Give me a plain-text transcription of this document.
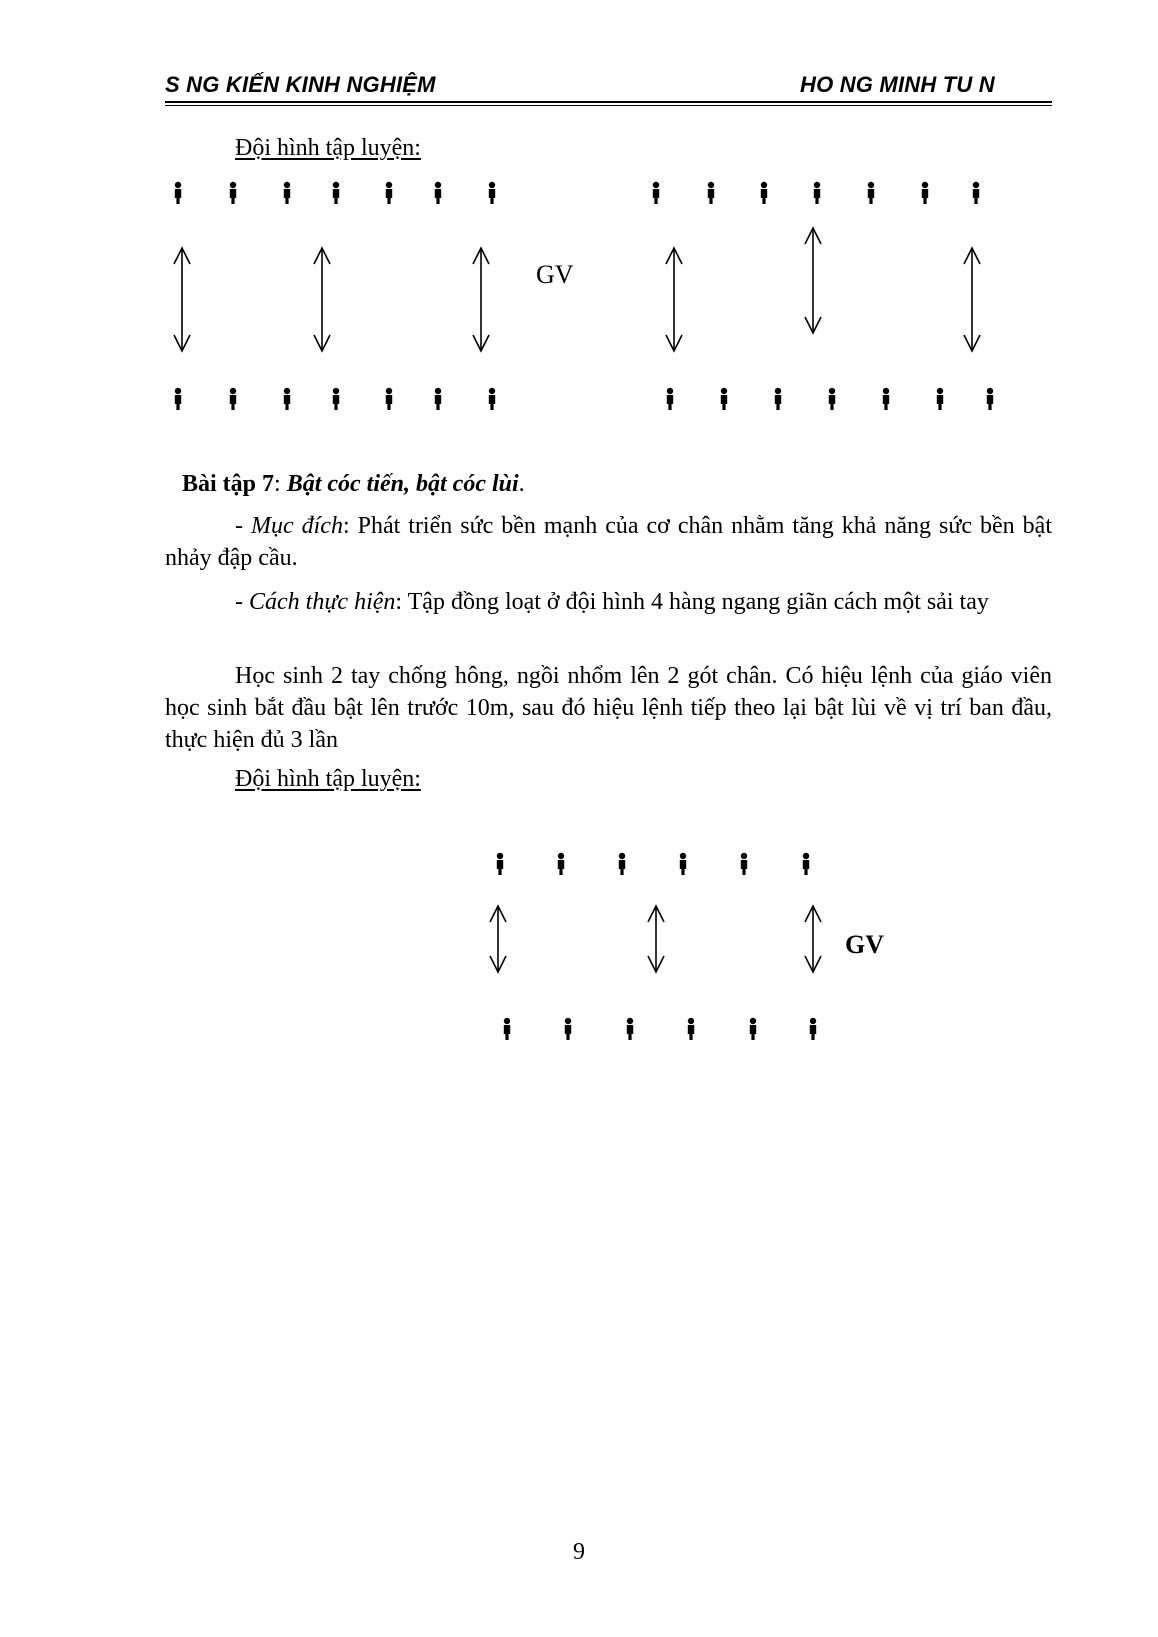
S NG KIẾN KINH NGHIỆM	HO NG MINH TU N
Đội hình tập luyện:
GV
Bài tập 7: Bật cóc tiến, bật cóc lùi.
- Mục đích: Phát triển sức bền mạnh của cơ chân nhằm tăng khả năng sức bền bật nhảy đập cầu.
- Cách thực hiện: Tập đồng loạt ở đội hình 4 hàng ngang giãn cách một sải tay
Học sinh 2 tay chống hông, ngồi nhổm lên 2 gót chân. Có hiệu lệnh của giáo viên học sinh bắt đầu bật lên trước 10m, sau đó hiệu lệnh tiếp theo lại bật lùi về vị trí ban đầu, thực hiện đủ 3 lần
Đội hình tập luyện:
GV
9
